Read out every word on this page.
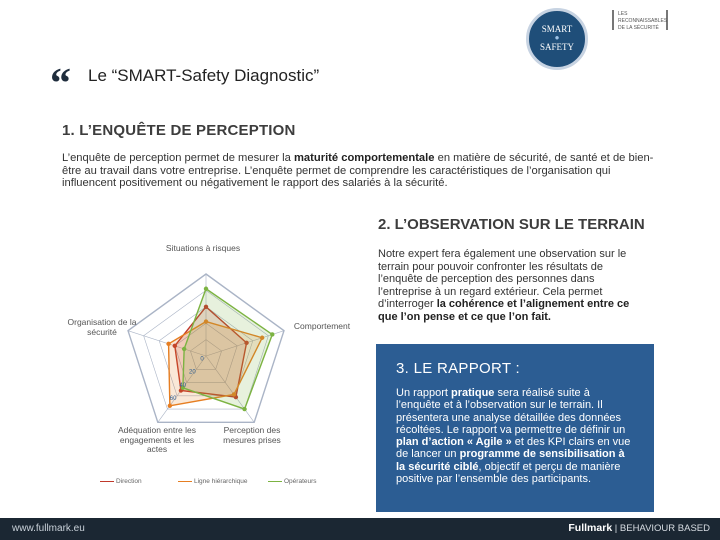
SMART
●
SAFETY
LES RECONNAISSABLES DE LA SÉCURITÉ
“ Le “SMART-Safety Diagnostic”
1. L’ENQUÊTE DE PERCEPTION

L’enquête de perception permet de mesurer la maturité comportementale en matière de sécurité, de santé et de bien-être au travail dans votre entreprise. L’enquête permet de comprendre les caractéristiques de l’organisation qui influencent positivement ou négativement le rapport des salariés à la sécurité.

2. L’OBSERVATION SUR LE TERRAIN

Notre expert fera également une observation sur le terrain pour pouvoir confronter les résultats de l’enquête de perception des personnes dans l’entreprise à un regard extérieur. Cela permet d’interroger la cohérence et l’alignement entre ce que l’on pense et ce que l’on fait.

3. LE RAPPORT :

Un rapport pratique sera réalisé suite à l’enquête et à l’observation sur le terrain. Il présentera une analyse détaillée des données récoltées. Le rapport va permettre de définir un plan d’action « Agile » et des KPI clairs en vue de lancer un programme de sensibilisation à la sécurité ciblé, objectif et perçu de manière positive par l’ensemble des participants.

0
20
40
60
Situations à risques
Comportement
Perception des mesures prises
Adéquation entre les engagements et les actes
Organisation de la sécurité
Direction	Ligne hiérarchique	Opérateurs
www.fullmark.eu	Fullmark | BEHAVIOUR BASED
